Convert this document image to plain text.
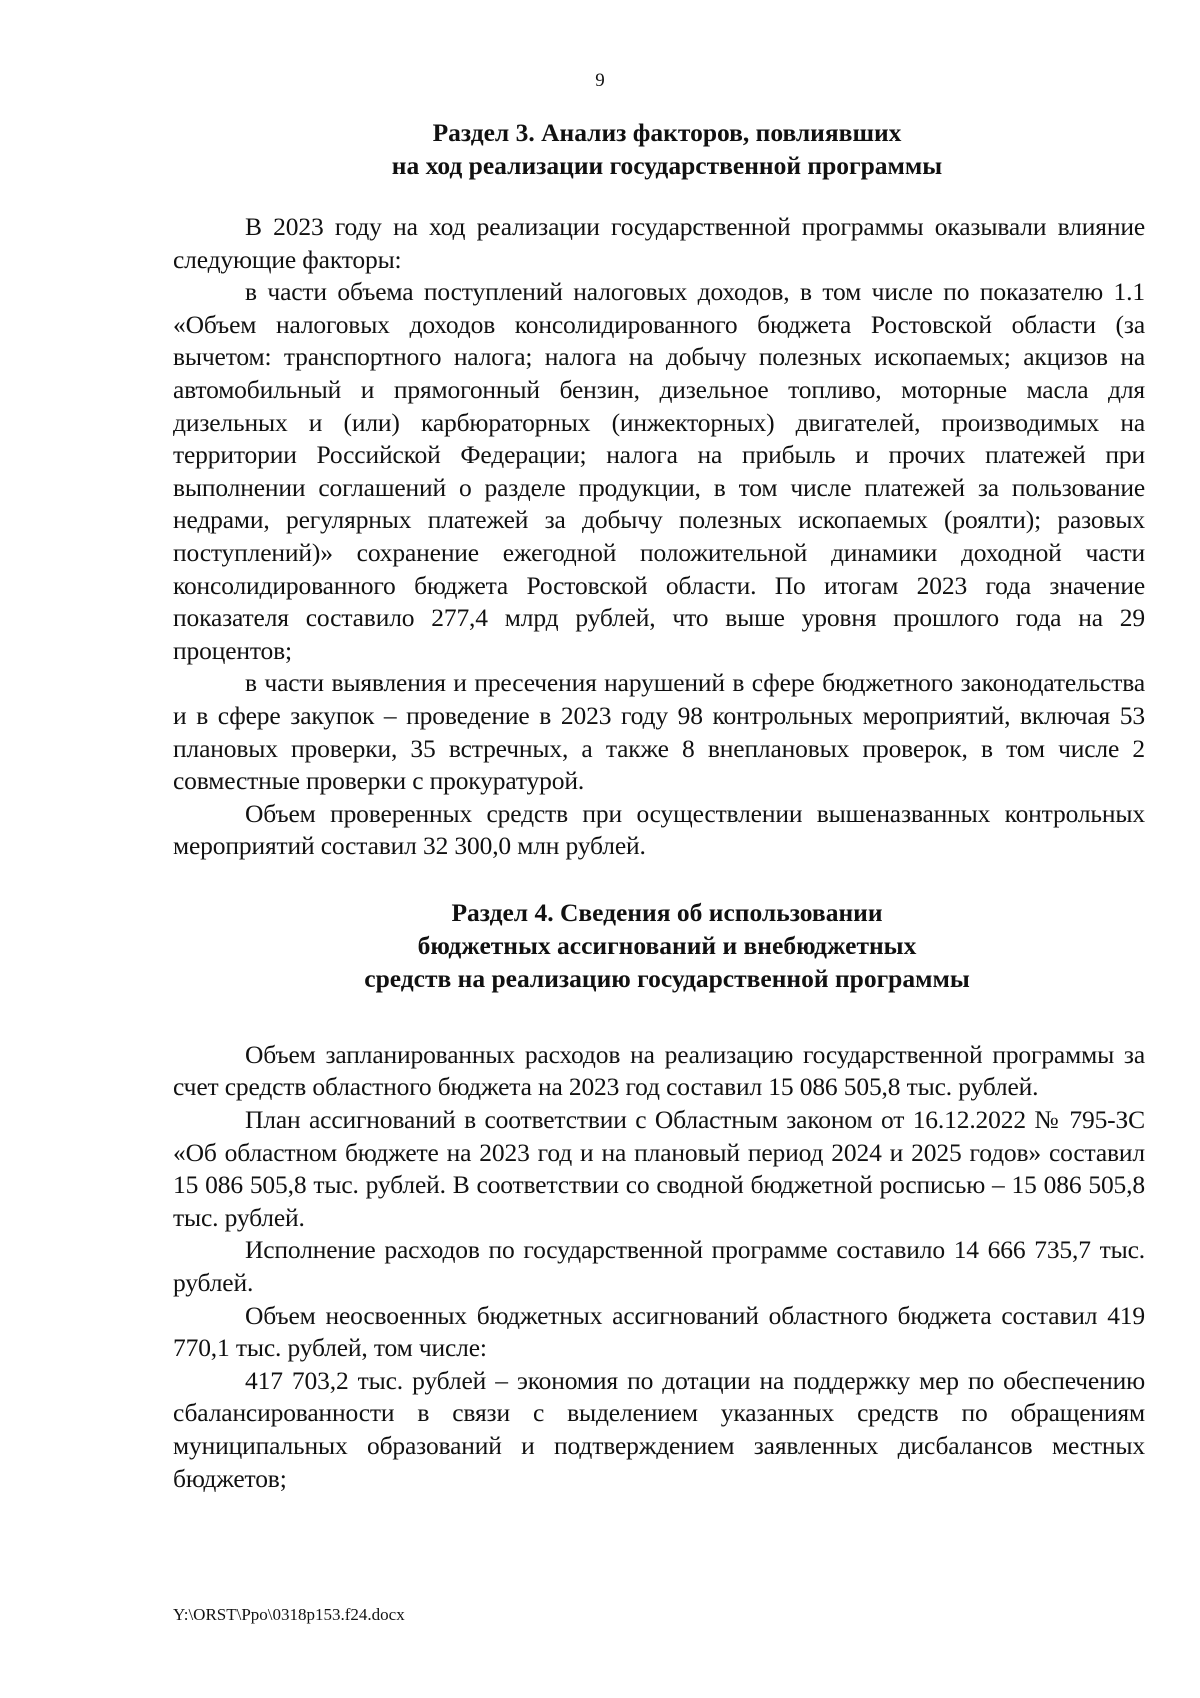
9
Раздел 3. Анализ факторов, повлиявших
на ход реализации государственной программы

В 2023 году на ход реализации государственной программы оказывали влияние следующие факторы:

в части объема поступлений налоговых доходов, в том числе по показателю 1.1 «Объем налоговых доходов консолидированного бюджета Ростовской области (за вычетом: транспортного налога; налога на добычу полезных ископаемых; акцизов на автомобильный и прямогонный бензин, дизельное топливо, моторные масла для дизельных и (или) карбюраторных (инжекторных) двигателей, производимых на территории Российской Федерации; налога на прибыль и прочих платежей при выполнении соглашений о разделе продукции, в том числе платежей за пользование недрами, регулярных платежей за добычу полезных ископаемых (роялти); разовых поступлений)» сохранение ежегодной положительной динамики доходной части консолидированного бюджета Ростовской области. По итогам 2023 года значение показателя составило 277,4 млрд рублей, что выше уровня прошлого года на 29 процентов;

в части выявления и пресечения нарушений в сфере бюджетного законодательства и в сфере закупок – проведение в 2023 году 98 контрольных мероприятий, включая 53 плановых проверки, 35 встречных, а также 8 внеплановых проверок, в том числе 2 совместные проверки с прокуратурой.

Объем проверенных средств при осуществлении вышеназванных контрольных мероприятий составил 32 300,0 млн рублей.

Раздел 4. Сведения об использовании
бюджетных ассигнований и внебюджетных
средств на реализацию государственной программы

Объем запланированных расходов на реализацию государственной программы за счет средств областного бюджета на 2023 год составил 15 086 505,8 тыс. рублей.

План ассигнований в соответствии с Областным законом от 16.12.2022 № 795-ЗС «Об областном бюджете на 2023 год и на плановый период 2024 и 2025 годов» составил 15 086 505,8 тыс. рублей. В соответствии со сводной бюджетной росписью – 15 086 505,8 тыс. рублей.

Исполнение расходов по государственной программе составило 14 666 735,7 тыс. рублей.

Объем неосвоенных бюджетных ассигнований областного бюджета составил 419 770,1 тыс. рублей, том числе:

417 703,2 тыс. рублей – экономия по дотации на поддержку мер по обеспечению сбалансированности в связи с выделением указанных средств по обращениям муниципальных образований и подтверждением заявленных дисбалансов местных бюджетов;

Y:\ORST\Ppo\0318p153.f24.docx
